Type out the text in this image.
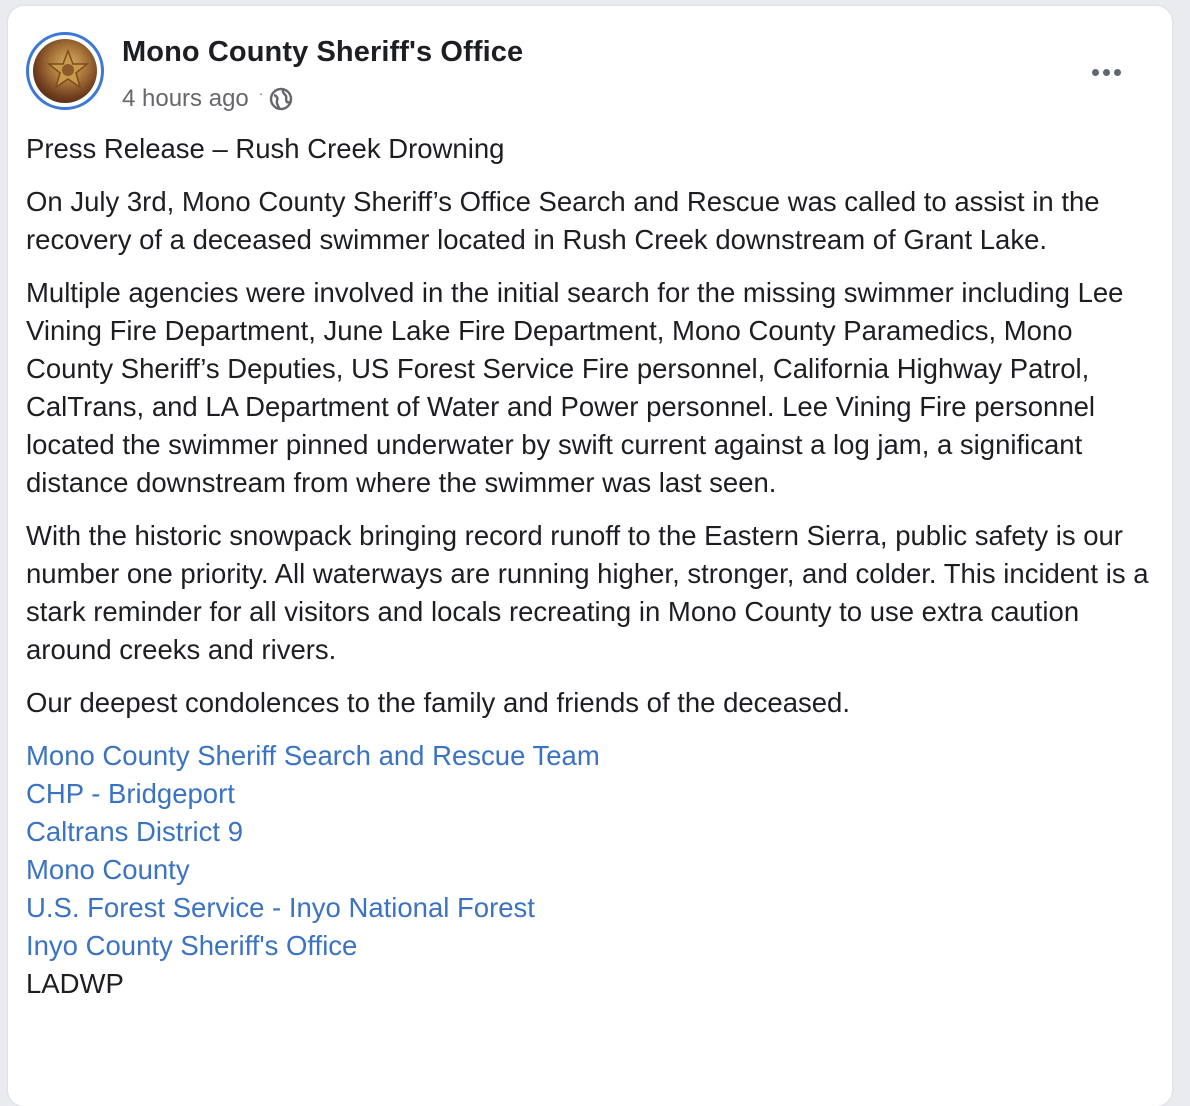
Mono County Sheriff's Office
4 hours ago ·

Press Release – Rush Creek Drowning

On July 3rd, Mono County Sheriff’s Office Search and Rescue was called to assist in the recovery of a deceased swimmer located in Rush Creek downstream of Grant Lake.

Multiple agencies were involved in the initial search for the missing swimmer including Lee Vining Fire Department, June Lake Fire Department, Mono County Paramedics, Mono County Sheriff’s Deputies, US Forest Service Fire personnel, California Highway Patrol, CalTrans, and LA Department of Water and Power personnel. Lee Vining Fire personnel located the swimmer pinned underwater by swift current against a log jam, a significant distance downstream from where the swimmer was last seen.

With the historic snowpack bringing record runoff to the Eastern Sierra, public safety is our number one priority. All waterways are running higher, stronger, and colder. This incident is a stark reminder for all visitors and locals recreating in Mono County to use extra caution around creeks and rivers.

Our deepest condolences to the family and friends of the deceased.

Mono County Sheriff Search and Rescue Team
CHP - Bridgeport
Caltrans District 9
Mono County
U.S. Forest Service - Inyo National Forest
Inyo County Sheriff's Office
LADWP
